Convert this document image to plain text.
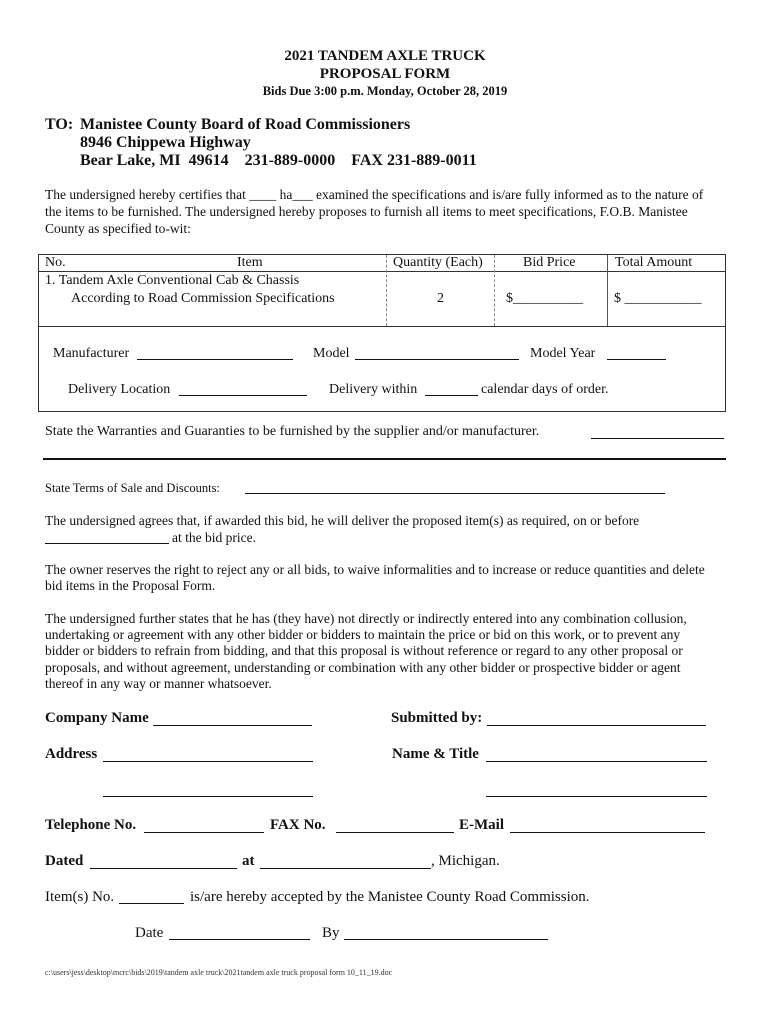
2021 TANDEM AXLE TRUCK
PROPOSAL FORM
Bids Due 3:00 p.m. Monday, October 28, 2019
TO: Manistee County Board of Road Commissioners
8946 Chippewa Highway
Bear Lake, MI  49614    231-889-0000    FAX 231-889-0011
The undersigned hereby certifies that ____ ha___ examined the specifications and is/are fully informed as to the nature of
the items to be furnished. The undersigned hereby proposes to furnish all items to meet specifications, F.O.B. Manistee
County as specified to-wit:
No.	Item	Quantity (Each)	Bid Price	Total Amount
1. Tandem Axle Conventional Cab & Chassis
According to Road Commission Specifications	2	$__________ $ ___________
Manufacturer	Model	Model Year
Delivery Location	Delivery within	calendar days of order.
State the Warranties and Guaranties to be furnished by the supplier and/or manufacturer.
State Terms of Sale and Discounts:
The undersigned agrees that, if awarded this bid, he will deliver the proposed item(s) as required, on or before
at the bid price.
The owner reserves the right to reject any or all bids, to waive informalities and to increase or reduce quantities and delete
bid items in the Proposal Form.
The undersigned further states that he has (they have) not directly or indirectly entered into any combination collusion,
undertaking or agreement with any other bidder or bidders to maintain the price or bid on this work, or to prevent any
bidder or bidders to refrain from bidding, and that this proposal is without reference or regard to any other proposal or
proposals, and without agreement, understanding or combination with any other bidder or prospective bidder or agent
thereof in any way or manner whatsoever.
Company Name	Submitted by:
Address	Name & Title
Telephone No.	FAX No.	E-Mail
Dated	at	, Michigan.
Item(s) No.	is/are hereby accepted by the Manistee County Road Commission.
Date	By
c:\users\jess\desktop\mcrc\bids\2019\tandem axle truck\2021tandem axle truck proposal form 10_11_19.doc
